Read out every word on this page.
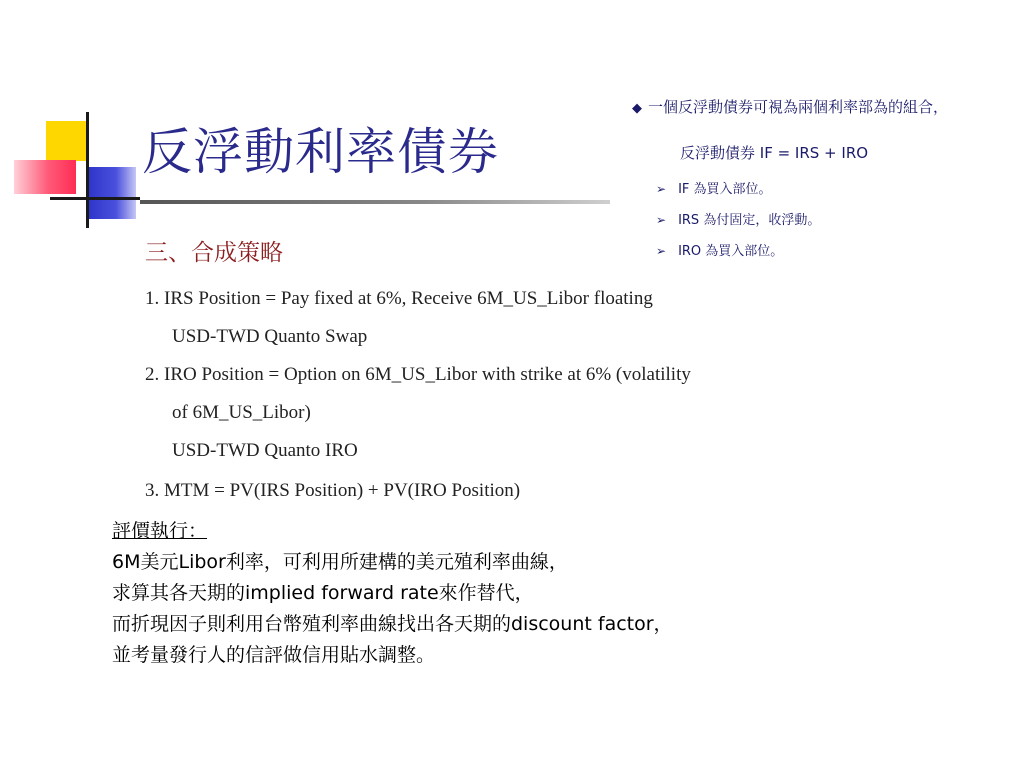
反浮動利率債券
◆ 一個反浮動債券可視為兩個利率部為的組合，
反浮動債券 IF = IRS + IRO
➢ IF 為買入部位。
➢ IRS 為付固定，收浮動。
➢ IRO 為買入部位。
三、合成策略
1. IRS Position = Pay fixed at 6%, Receive 6M_US_Libor floating
USD-TWD Quanto Swap
2. IRO Position = Option on 6M_US_Libor with strike at 6% (volatility
of 6M_US_Libor)
USD-TWD Quanto IRO
3. MTM = PV(IRS Position) + PV(IRO Position)
評價執行：
6M美元Libor利率，可利用所建構的美元殖利率曲線，
求算其各天期的implied forward rate來作替代，
而折現因子則利用台幣殖利率曲線找出各天期的discount factor，
並考量發行人的信評做信用貼水調整。
